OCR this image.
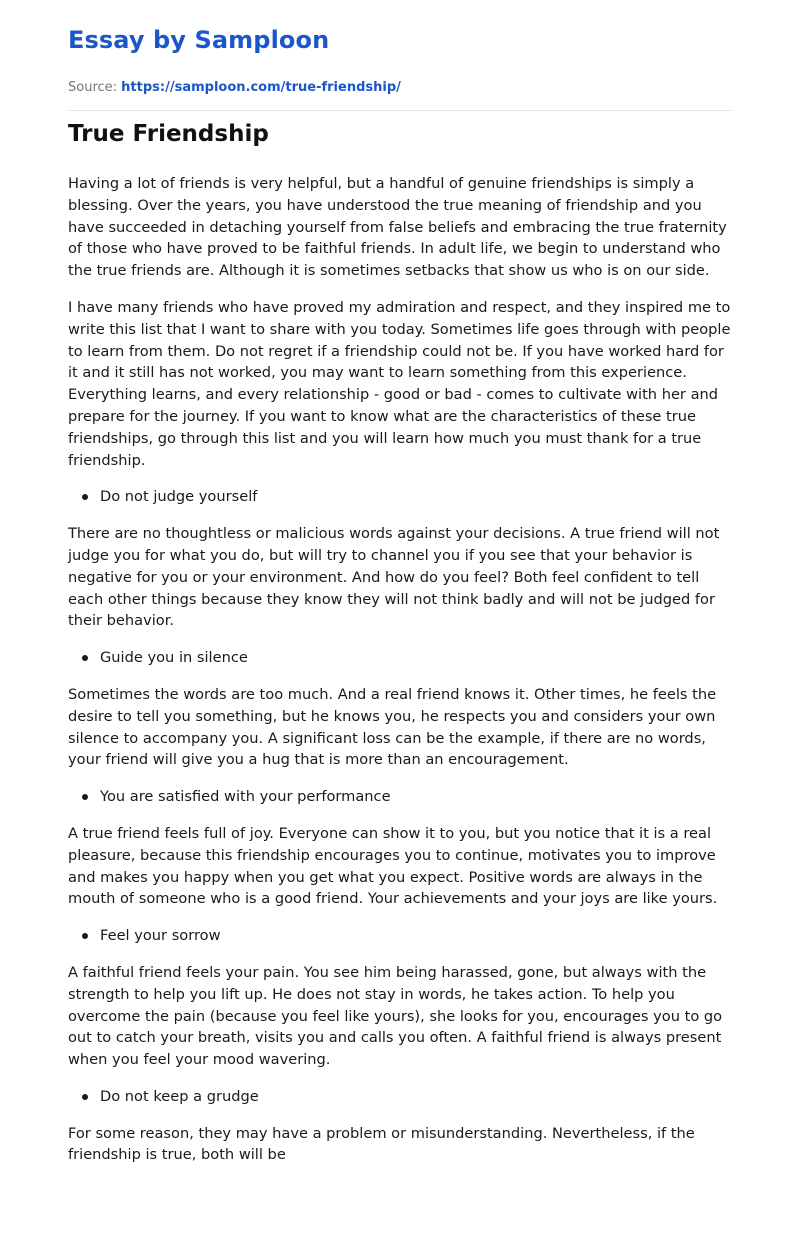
Essay by Samploon
Source: https://samploon.com/true-friendship/
True Friendship

Having a lot of friends is very helpful, but a handful of genuine friendships is simply a blessing. Over the years, you have understood the true meaning of friendship and you have succeeded in detaching yourself from false beliefs and embracing the true fraternity of those who have proved to be faithful friends. In adult life, we begin to understand who the true friends are. Although it is sometimes setbacks that show us who is on our side.

I have many friends who have proved my admiration and respect, and they inspired me to write this list that I want to share with you today. Sometimes life goes through with people to learn from them. Do not regret if a friendship could not be. If you have worked hard for it and it still has not worked, you may want to learn something from this experience. Everything learns, and every relationship - good or bad - comes to cultivate with her and prepare for the journey. If you want to know what are the characteristics of these true friendships, go through this list and you will learn how much you must thank for a true friendship.

Do not judge yourself

There are no thoughtless or malicious words against your decisions. A true friend will not judge you for what you do, but will try to channel you if you see that your behavior is negative for you or your environment. And how do you feel? Both feel confident to tell each other things because they know they will not think badly and will not be judged for their behavior.

Guide you in silence

Sometimes the words are too much. And a real friend knows it. Other times, he feels the desire to tell you something, but he knows you, he respects you and considers your own silence to accompany you. A significant loss can be the example, if there are no words, your friend will give you a hug that is more than an encouragement.

You are satisfied with your performance

A true friend feels full of joy. Everyone can show it to you, but you notice that it is a real pleasure, because this friendship encourages you to continue, motivates you to improve and makes you happy when you get what you expect. Positive words are always in the mouth of someone who is a good friend. Your achievements and your joys are like yours.

Feel your sorrow

A faithful friend feels your pain. You see him being harassed, gone, but always with the strength to help you lift up. He does not stay in words, he takes action. To help you overcome the pain (because you feel like yours), she looks for you, encourages you to go out to catch your breath, visits you and calls you often. A faithful friend is always present when you feel your mood wavering.

Do not keep a grudge

For some reason, they may have a problem or misunderstanding. Nevertheless, if the friendship is true, both will be
